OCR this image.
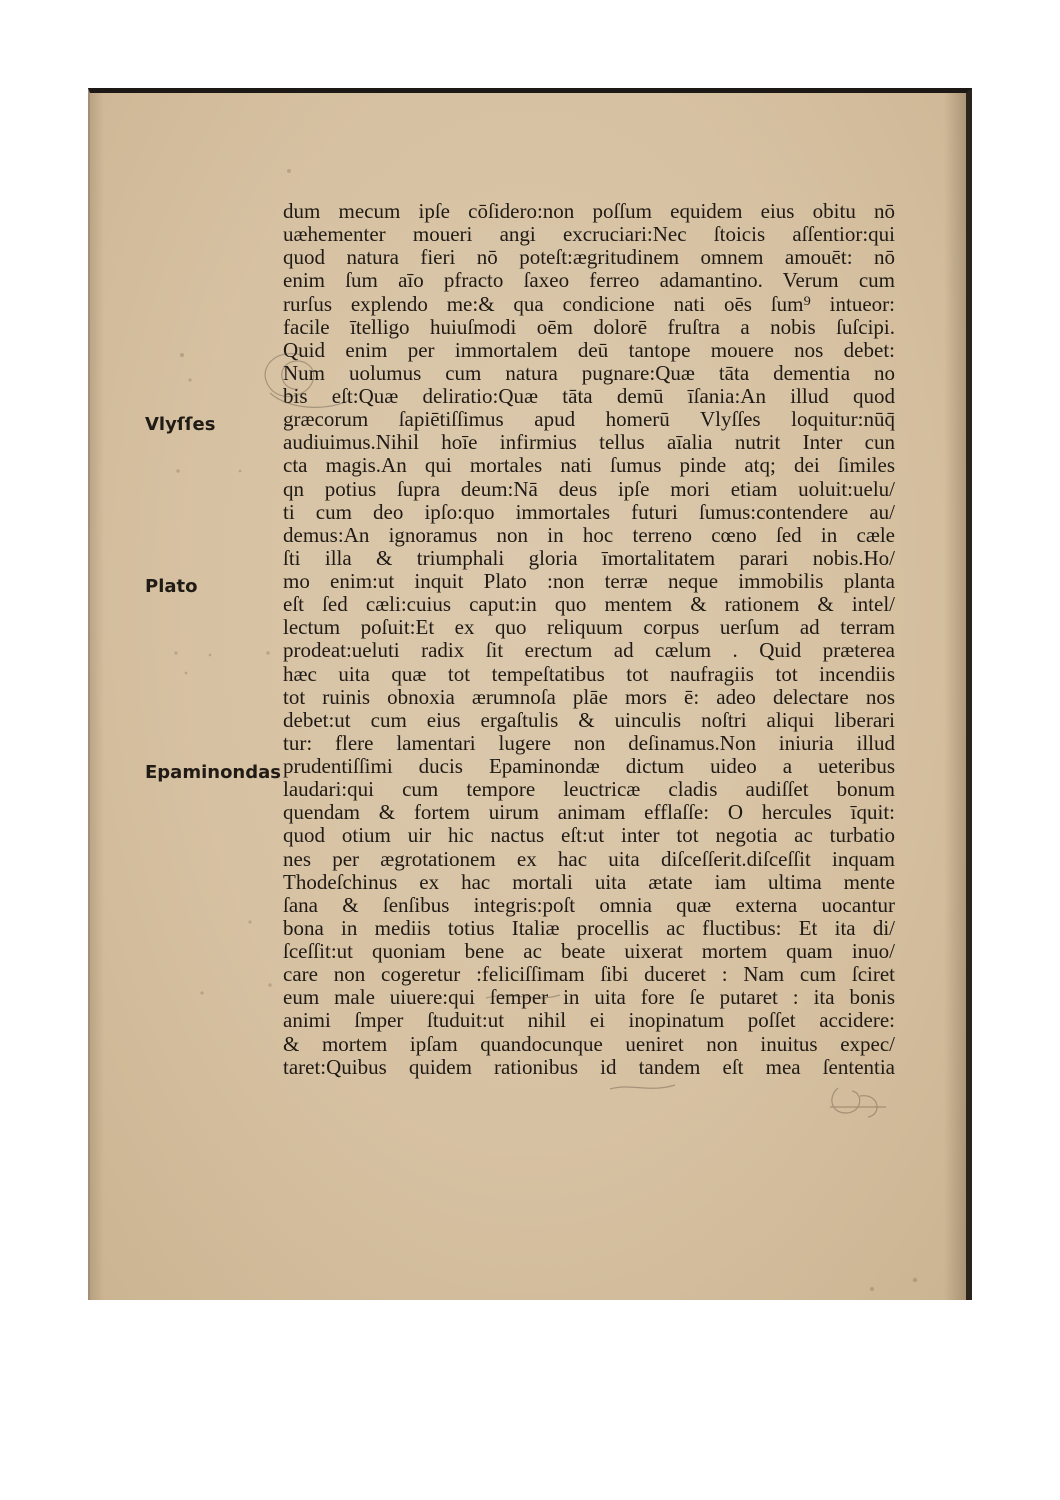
Vlyſſes
Plato
Epaminondas
dum mecum ipſe cōſidero:non poſſum equidem eius obitu nō
uæhementer moueri angi excruciari:Nec ſtoicis aſſentior:qui
quod natura fieri nō poteſt:ægritudinem omnem amouēt: nō
enim ſum aīo pfracto ſaxeo ferreo adamantino. Verum cum
rurſus explendo me:& qua condicione nati oēs ſum⁹ intueor:
facile ītelligo huiuſmodi oēm dolorē fruſtra a nobis ſuſcipi.
Quid enim per immortalem deū tantope mouere nos debet:
Num uolumus cum natura pugnare:Quæ tāta dementia no
bis eſt:Quæ deliratio:Quæ tāta demū īſania:An illud quod
græcorum ſapiētiſſimus apud homerū Vlyſſes loquitur:nūq̄
audiuimus.Nihil hoīe infirmius tellus aīalia nutrit Inter cun
cta magis.An qui mortales nati ſumus pinde atq; dei ſimiles
qn potius ſupra deum:Nā deus ipſe mori etiam uoluit:uelu/
ti cum deo ipſo:quo immortales futuri ſumus:contendere au/
demus:An ignoramus non in hoc terreno cœno ſed in cæle
ſti illa & triumphali gloria īmortalitatem parari nobis.Ho/
mo enim:ut inquit Plato :non terræ neque immobilis planta
eſt ſed cæli:cuius caput:in quo mentem & rationem & intel/
lectum poſuit:Et ex quo reliquum corpus uerſum ad terram
prodeat:ueluti radix ſit erectum ad cælum . Quid præterea
hæc uita quæ tot tempeſtatibus tot naufragiis tot incendiis
tot ruinis obnoxia ærumnoſa plāe mors ē: adeo delectare nos
debet:ut cum eius ergaſtulis & uinculis noſtri aliqui liberari
tur: flere lamentari lugere non deſinamus.Non iniuria illud
prudentiſſimi ducis Epaminondæ dictum uideo a ueteribus
laudari:qui cum tempore leuctricæ cladis audiſſet bonum
quendam & fortem uirum animam efflaſſe: O hercules īquit:
quod otium uir hic nactus eſt:ut inter tot negotia ac turbatio
nes per ægrotationem ex hac uita diſceſſerit.diſceſſit inquam
Thodeſchinus ex hac mortali uita ætate iam ultima mente
ſana & ſenſibus integris:poſt omnia quæ externa uocantur
bona in mediis totius Italiæ procellis ac fluctibus: Et ita di/
ſceſſit:ut quoniam bene ac beate uixerat mortem quam inuo/
care non cogeretur :feliciſſimam ſibi duceret : Nam cum ſciret
eum male uiuere:qui ſemper in uita fore ſe putaret : ita bonis
animi ſmper ſtuduit:ut nihil ei inopinatum poſſet accidere:
& mortem ipſam quandocunque ueniret non inuitus expec/
taret:Quibus quidem rationibus id tandem eſt mea ſententia
